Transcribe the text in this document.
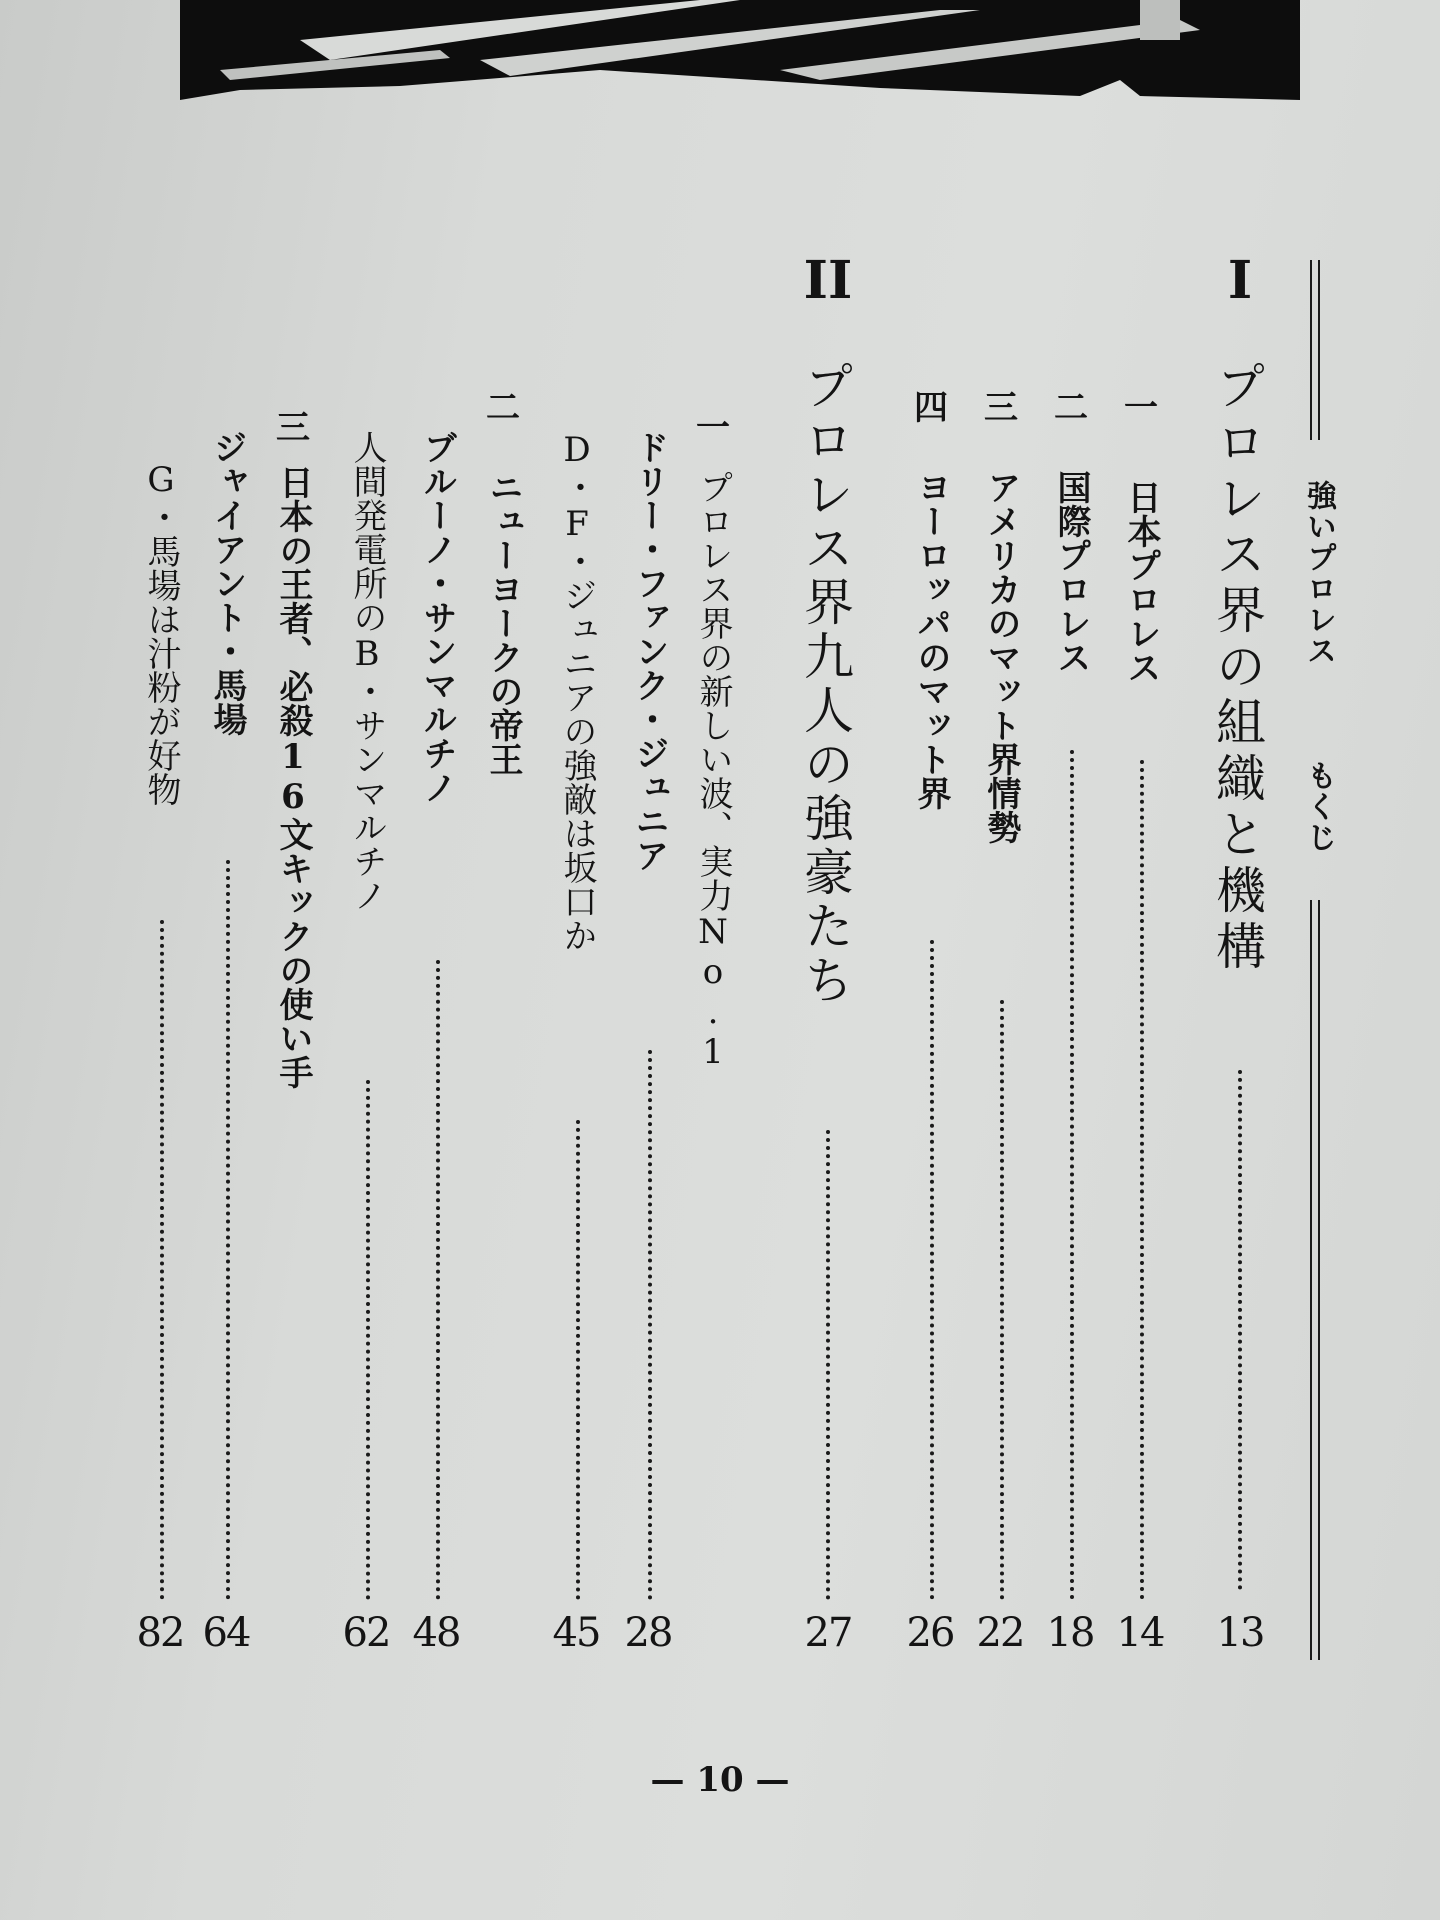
強いプロレス
もくじ
I
プロレス界の組織と機構
13
一
日本プロレス
14
二
国際プロレス
18
三
アメリカのマット界情勢
22
四
ヨーロッパのマット界
26
II
プロレス界九人の強豪たち
27
一
プロレス界の新しい波、実力No.1
ドリー・ファンク・ジュニア
28
D・F・ジュニアの強敵は坂口か
45
二
ニューヨークの帝王
ブルーノ・サンマルチノ
48
人間発電所のB・サンマルチノ
62
三
日本の王者、必殺16文キックの使い手
ジャイアント・馬場
64
G・馬場は汁粉が好物
82
— 10 —
